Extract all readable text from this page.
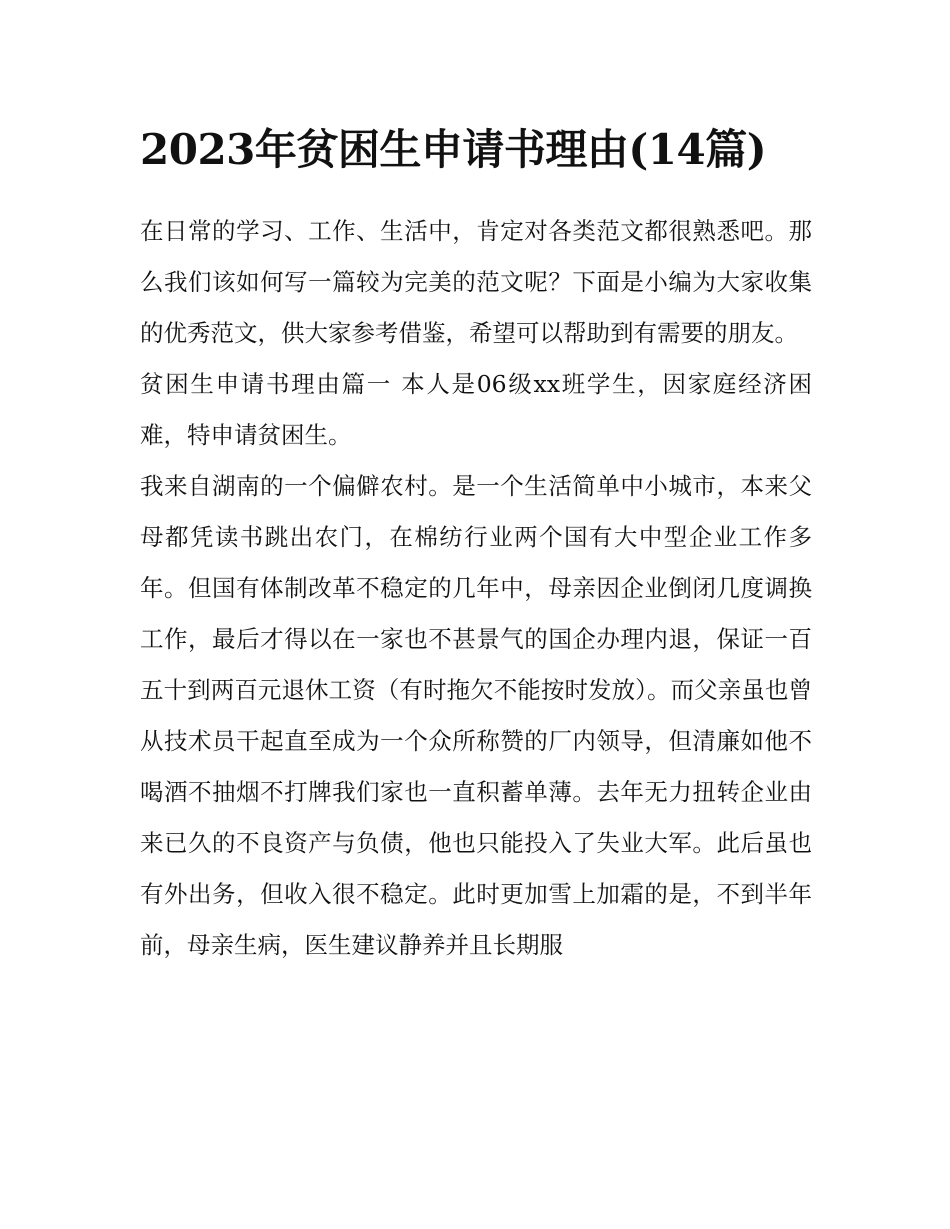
2023年贫困生申请书理由(14篇)

在日常的学习、工作、生活中，肯定对各类范文都很熟悉吧。那么我们该如何写一篇较为完美的范文呢？下面是小编为大家收集的优秀范文，供大家参考借鉴，希望可以帮助到有需要的朋友。

贫困生申请书理由篇一 本人是06级xx班学生，因家庭经济困难，特申请贫困生。

我来自湖南的一个偏僻农村。是一个生活简单中小城市，本来父母都凭读书跳出农门，在棉纺行业两个国有大中型企业工作多年。但国有体制改革不稳定的几年中，母亲因企业倒闭几度调换工作，最后才得以在一家也不甚景气的国企办理内退，保证一百五十到两百元退休工资（有时拖欠不能按时发放）。而父亲虽也曾从技术员干起直至成为一个众所称赞的厂内领导，但清廉如他不喝酒不抽烟不打牌我们家也一直积蓄单薄。去年无力扭转企业由来已久的不良资产与负债，他也只能投入了失业大军。此后虽也有外出务，但收入很不稳定。此时更加雪上加霜的是，不到半年前，母亲生病，医生建议静养并且长期服
